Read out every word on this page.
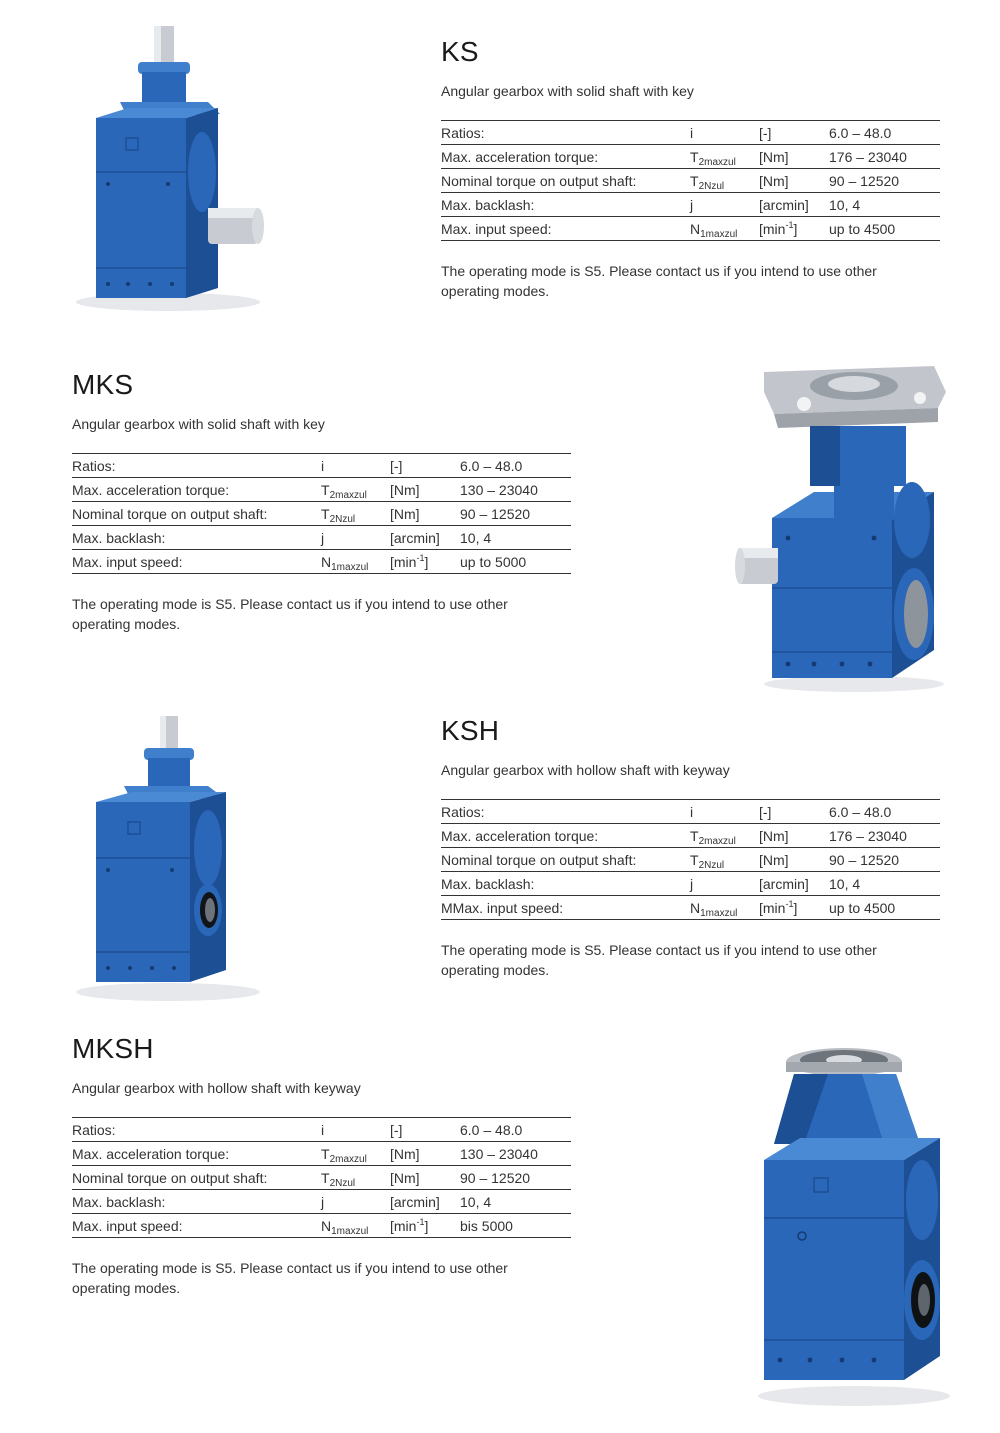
KS

Angular gearbox with solid shaft with key

Ratios:	i	[-]	6.0 – 48.0
Max. acceleration torque:	$T_{2maxzul}$	[Nm]	176 – 23040
Nominal torque on output shaft:	$T_{2Nzul}$	[Nm]	90 – 12520
Max. backlash:	j	[arcmin]	10, 4
Max. input speed:	$N_{1maxzul}$	$[\min^{-1}]$	up to 4500
The operating mode is S5. Please contact us if you intend to use other operating modes.
MKS

Angular gearbox with solid shaft with key

Ratios:	i	[-]	6.0 – 48.0
Max. acceleration torque:	$T_{2maxzul}$	[Nm]	130 – 23040
Nominal torque on output shaft:	$T_{2Nzul}$	[Nm]	90 – 12520
Max. backlash:	j	[arcmin]	10, 4
Max. input speed:	$N_{1maxzul}$	$[\min^{-1}]$	up to 5000
The operating mode is S5. Please contact us if you intend to use other operating modes.
KSH

Angular gearbox with hollow shaft with keyway

Ratios:	i	[-]	6.0 – 48.0
Max. acceleration torque:	$T_{2maxzul}$	[Nm]	176 – 23040
Nominal torque on output shaft:	$T_{2Nzul}$	[Nm]	90 – 12520
Max. backlash:	j	[arcmin]	10, 4
MMax. input speed:	$N_{1maxzul}$	$[\min^{-1}]$	up to 4500
The operating mode is S5. Please contact us if you intend to use other operating modes.
MKSH

Angular gearbox with hollow shaft with keyway

Ratios:	i	[-]	6.0 – 48.0
Max. acceleration torque:	$T_{2maxzul}$	[Nm]	130 – 23040
Nominal torque on output shaft:	$T_{2Nzul}$	[Nm]	90 – 12520
Max. backlash:	j	[arcmin]	10, 4
Max. input speed:	$N_{1maxzul}$	$[\min^{-1}]$	bis 5000
The operating mode is S5. Please contact us if you intend to use other operating modes.
